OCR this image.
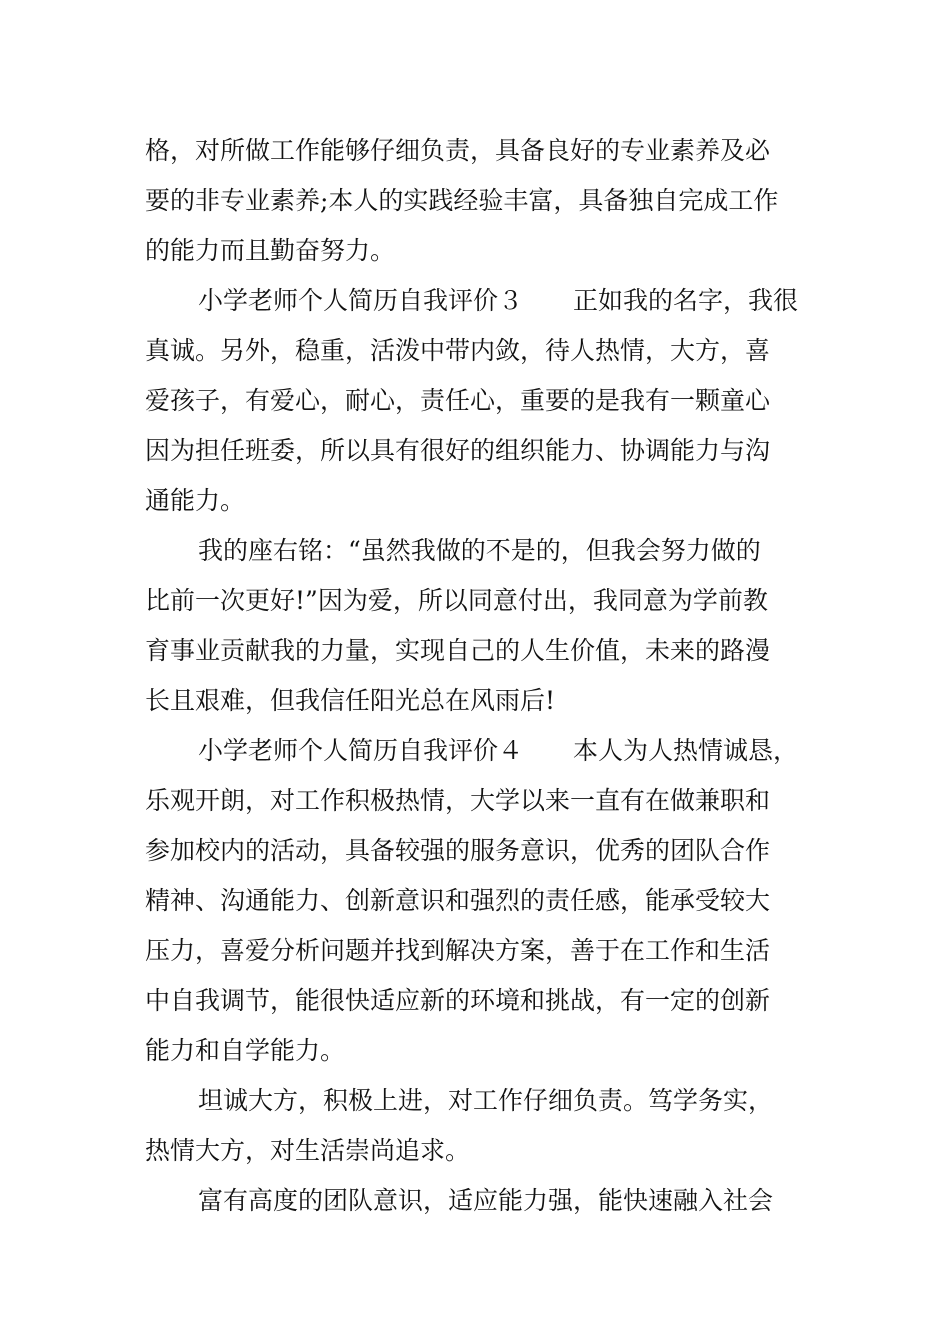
格，对所做工作能够仔细负责，具备良好的专业素养及必
要的非专业素养;本人的实践经验丰富，具备独自完成工作
的能力而且勤奋努力。
小学老师个人简历自我评价３　　正如我的名字，我很
真诚。另外，稳重，活泼中带内敛，待人热情，大方，喜
爱孩子，有爱心，耐心，责任心，重要的是我有一颗童心
因为担任班委，所以具有很好的组织能力、协调能力与沟
通能力。
我的座右铭：“虽然我做的不是的，但我会努力做的
比前一次更好!”因为爱，所以同意付出，我同意为学前教
育事业贡献我的力量，实现自己的人生价值，未来的路漫
长且艰难，但我信任阳光总在风雨后!
小学老师个人简历自我评价４　　本人为人热情诚恳，
乐观开朗，对工作积极热情，大学以来一直有在做兼职和
参加校内的活动，具备较强的服务意识，优秀的团队合作
精神、沟通能力、创新意识和强烈的责任感，能承受较大
压力，喜爱分析问题并找到解决方案，善于在工作和生活
中自我调节，能很快适应新的环境和挑战，有一定的创新
能力和自学能力。
坦诚大方，积极上进，对工作仔细负责。笃学务实，
热情大方，对生活崇尚追求。
富有高度的团队意识，适应能力强，能快速融入社会
